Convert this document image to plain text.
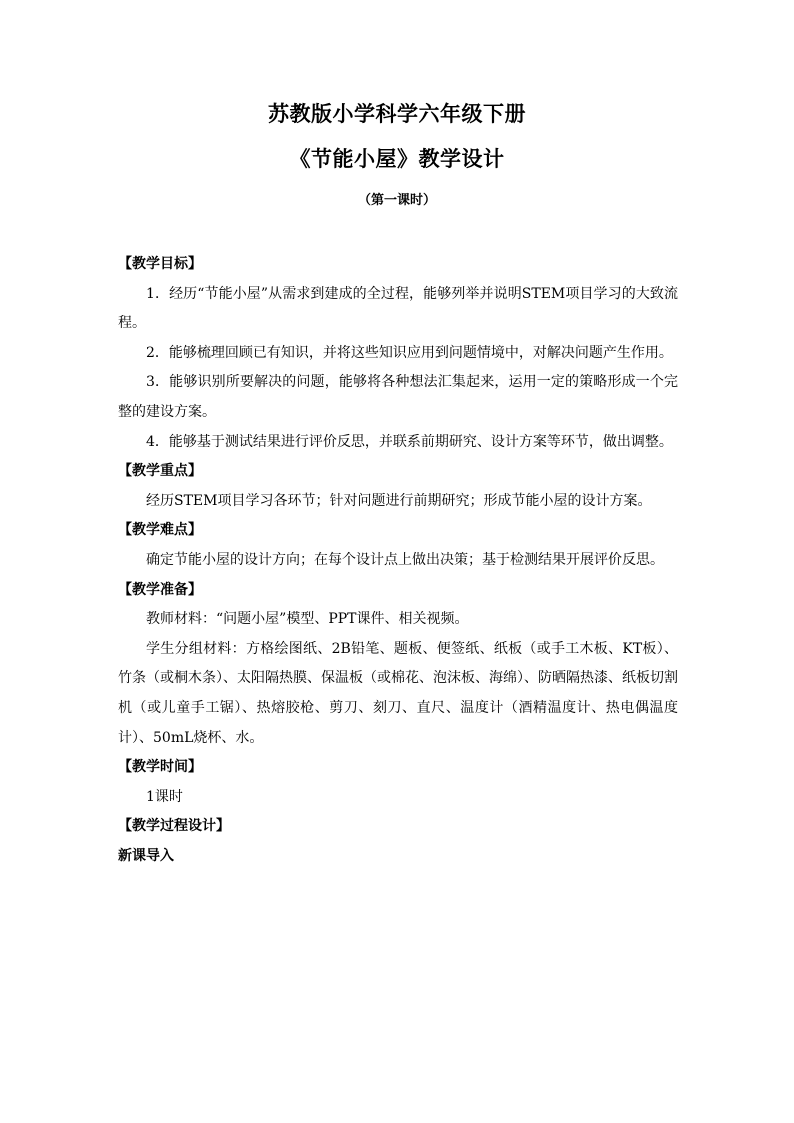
苏教版小学科学六年级下册
《节能小屋》教学设计
（第一课时）
【教学目标】
1．经历“节能小屋”从需求到建成的全过程，能够列举并说明STEM项目学习的大致流程。
2．能够梳理回顾已有知识，并将这些知识应用到问题情境中，对解决问题产生作用。
3．能够识别所要解决的问题，能够将各种想法汇集起来，运用一定的策略形成一个完整的建设方案。
4．能够基于测试结果进行评价反思，并联系前期研究、设计方案等环节，做出调整。
【教学重点】
经历STEM项目学习各环节；针对问题进行前期研究；形成节能小屋的设计方案。
【教学难点】
确定节能小屋的设计方向；在每个设计点上做出决策；基于检测结果开展评价反思。
【教学准备】
教师材料：“问题小屋”模型、PPT课件、相关视频。
学生分组材料：方格绘图纸、2B铅笔、题板、便签纸、纸板（或手工木板、KT板）、竹条（或桐木条）、太阳隔热膜、保温板（或棉花、泡沫板、海绵）、防晒隔热漆、纸板切割机（或儿童手工锯）、热熔胶枪、剪刀、刻刀、直尺、温度计（酒精温度计、热电偶温度计）、50mL烧杯、水。
【教学时间】
1课时
【教学过程设计】
新课导入
